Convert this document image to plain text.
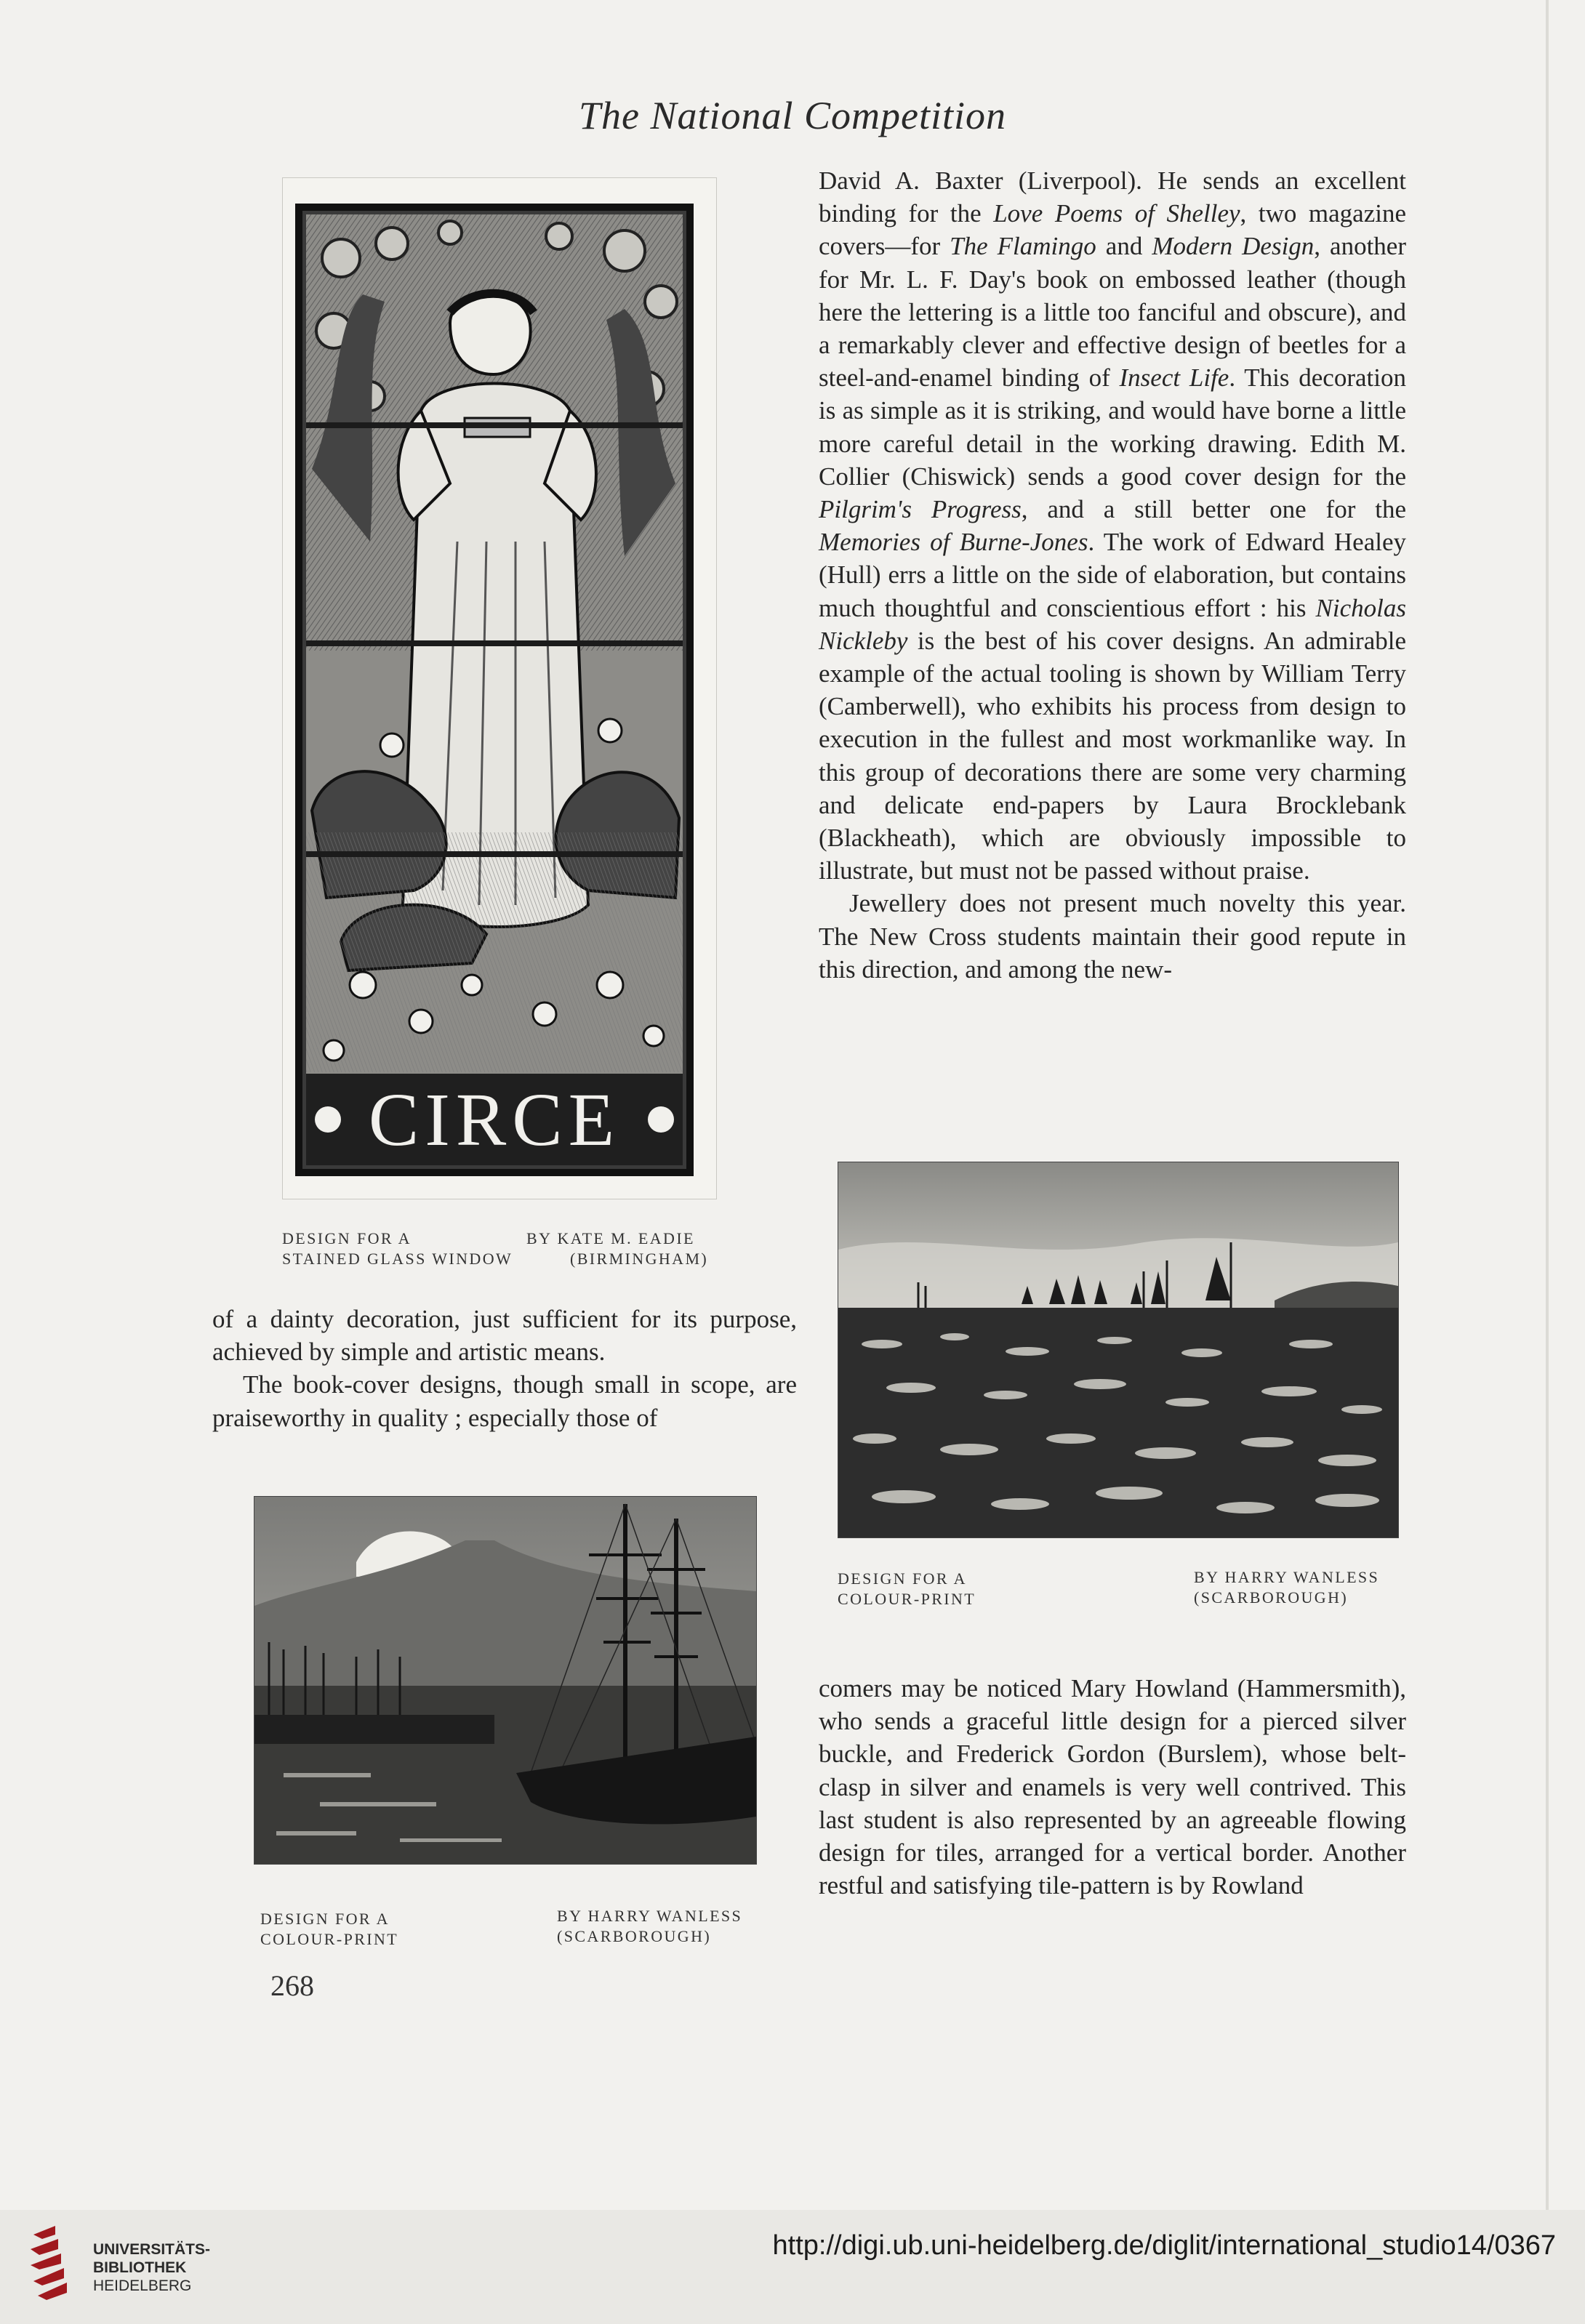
The National Competition
CIRCE
DESIGN FOR A
STAINED GLASS WINDOW
BY KATE M. EADIE
(BIRMINGHAM)

David A. Baxter (Liverpool). He sends an excellent binding for the Love Poems of Shelley, two magazine covers—for The Flamingo and Modern Design, another for Mr. L. F. Day's book on embossed leather (though here the lettering is a little too fanciful and obscure), and a remarkably clever and effective design of beetles for a steel-and-enamel binding of Insect Life. This decoration is as simple as it is striking, and would have borne a little more careful detail in the working drawing. Edith M. Collier (Chiswick) sends a good cover design for the Pilgrim's Progress, and a still better one for the Memories of Burne-Jones. The work of Edward Healey (Hull) errs a little on the side of elaboration, but contains much thoughtful and conscientious effort : his Nicholas Nickleby is the best of his cover designs. An admirable example of the actual tooling is shown by William Terry (Camberwell), who exhibits his process from design to execution in the fullest and most workmanlike way. In this group of decorations there are some very charming and delicate end-papers by Laura Brocklebank (Blackheath), which are obviously impossible to illustrate, but must not be passed without praise.

Jewellery does not present much novelty this year. The New Cross students maintain their good repute in this direction, and among the new-

DESIGN FOR A
COLOUR-PRINT
BY HARRY WANLESS
(SCARBOROUGH)

of a dainty decoration, just sufficient for its purpose, achieved by simple and artistic means.

The book-cover designs, though small in scope, are praiseworthy in quality ; especially those of

DESIGN FOR A
COLOUR-PRINT
BY HARRY WANLESS
(SCARBOROUGH)
268

comers may be noticed Mary Howland (Hammersmith), who sends a graceful little design for a pierced silver buckle, and Frederick Gordon (Burslem), whose belt-clasp in silver and enamels is very well contrived. This last student is also represented by an agreeable flowing design for tiles, arranged for a vertical border. Another restful and satisfying tile-pattern is by Rowland

UNIVERSITÄTS-
BIBLIOTHEK
HEIDELBERG
http://digi.ub.uni-heidelberg.de/diglit/international_studio14/0367
